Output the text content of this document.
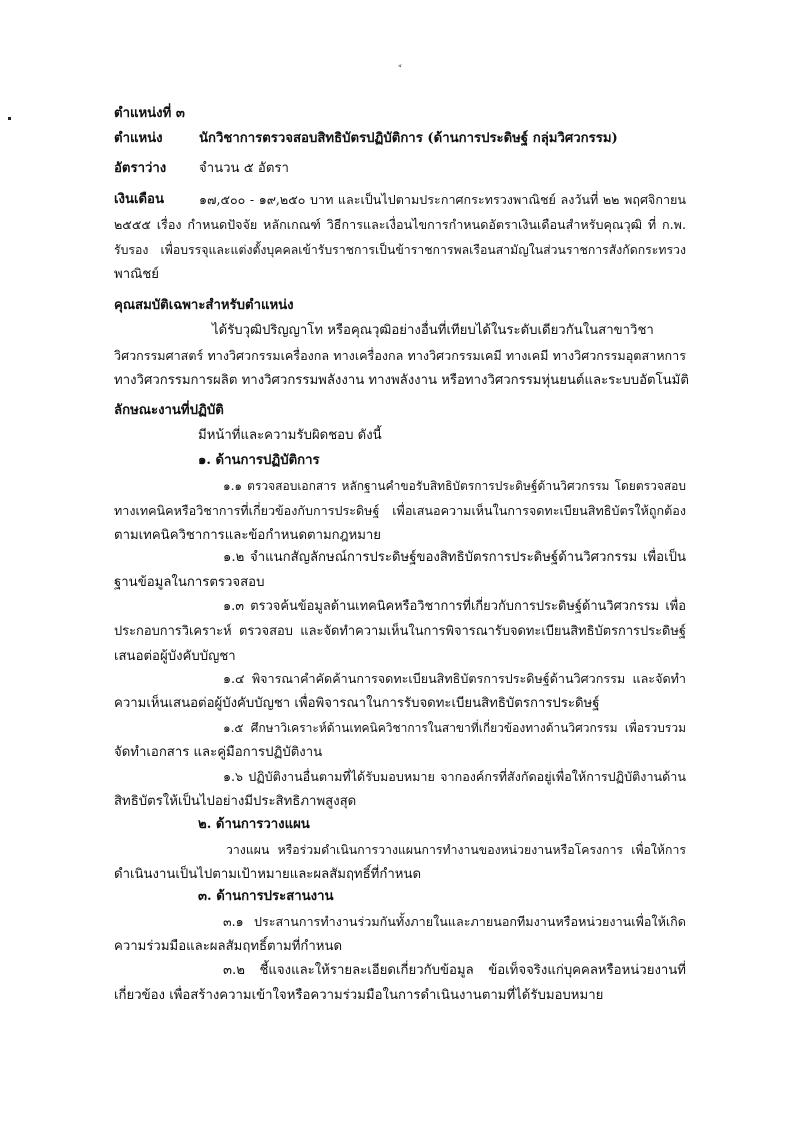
๕
ตำแหน่งที่ ๓
ตำแหน่ง	นักวิชาการตรวจสอบสิทธิบัตรปฏิบัติการ (ด้านการประดิษฐ์ กลุ่มวิศวกรรม)
อัตราว่าง จำนวน ๕ อัตรา
เงินเดือน	๑๗,๕๐๐ - ๑๙,๒๕๐ บาท และเป็นไปตามประกาศกระทรวงพาณิชย์ ลงวันที่ ๒๒ พฤศจิกายน
๒๕๕๕ เรื่อง กำหนดปัจจัย หลักเกณฑ์ วิธีการและเงื่อนไขการกำหนดอัตราเงินเดือนสำหรับคุณวุฒิ ที่ ก.พ.
รับรอง เพื่อบรรจุและแต่งตั้งบุคคลเข้ารับราชการเป็นข้าราชการพลเรือนสามัญในส่วนราชการสังกัดกระทรวง
พาณิชย์
คุณสมบัติเฉพาะสำหรับตำแหน่ง
ได้รับวุฒิปริญญาโท หรือคุณวุฒิอย่างอื่นที่เทียบได้ในระดับเดียวกันในสาขาวิชา
วิศวกรรมศาสตร์ ทางวิศวกรรมเครื่องกล ทางเครื่องกล ทางวิศวกรรมเคมี ทางเคมี ทางวิศวกรรมอุตสาหการ
ทางวิศวกรรมการผลิต ทางวิศวกรรมพลังงาน ทางพลังงาน หรือทางวิศวกรรมหุ่นยนต์และระบบอัตโนมัติ
ลักษณะงานที่ปฏิบัติ
มีหน้าที่และความรับผิดชอบ ดังนี้
๑. ด้านการปฏิบัติการ
๑.๑ ตรวจสอบเอกสาร หลักฐานคำขอรับสิทธิบัตรการประดิษฐ์ด้านวิศวกรรม โดยตรวจสอบ
ทางเทคนิคหรือวิชาการที่เกี่ยวข้องกับการประดิษฐ์ เพื่อเสนอความเห็นในการจดทะเบียนสิทธิบัตรให้ถูกต้อง
ตามเทคนิควิชาการและข้อกำหนดตามกฎหมาย
๑.๒ จำแนกสัญลักษณ์การประดิษฐ์ของสิทธิบัตรการประดิษฐ์ด้านวิศวกรรม เพื่อเป็น
ฐานข้อมูลในการตรวจสอบ
๑.๓ ตรวจค้นข้อมูลด้านเทคนิคหรือวิชาการที่เกี่ยวกับการประดิษฐ์ด้านวิศวกรรม เพื่อ
ประกอบการวิเคราะห์ ตรวจสอบ และจัดทำความเห็นในการพิจารณารับจดทะเบียนสิทธิบัตรการประดิษฐ์
เสนอต่อผู้บังคับบัญชา
๑.๔ พิจารณาคำคัดค้านการจดทะเบียนสิทธิบัตรการประดิษฐ์ด้านวิศวกรรม และจัดทำ
ความเห็นเสนอต่อผู้บังคับบัญชา เพื่อพิจารณาในการรับจดทะเบียนสิทธิบัตรการประดิษฐ์
๑.๕ ศึกษาวิเคราะห์ด้านเทคนิควิชาการในสาขาที่เกี่ยวข้องทางด้านวิศวกรรม เพื่อรวบรวม
จัดทำเอกสาร และคู่มือการปฏิบัติงาน
๑.๖ ปฏิบัติงานอื่นตามที่ได้รับมอบหมาย จากองค์กรที่สังกัดอยู่เพื่อให้การปฏิบัติงานด้าน
สิทธิบัตรให้เป็นไปอย่างมีประสิทธิภาพสูงสุด
๒. ด้านการวางแผน
วางแผน หรือร่วมดำเนินการวางแผนการทำงานของหน่วยงานหรือโครงการ เพื่อให้การ
ดำเนินงานเป็นไปตามเป้าหมายและผลสัมฤทธิ์ที่กำหนด
๓. ด้านการประสานงาน
๓.๑ ประสานการทำงานร่วมกันทั้งภายในและภายนอกทีมงานหรือหน่วยงานเพื่อให้เกิด
ความร่วมมือและผลสัมฤทธิ์ตามที่กำหนด
๓.๒ ชี้แจงและให้รายละเอียดเกี่ยวกับข้อมูล ข้อเท็จจริงแก่บุคคลหรือหน่วยงานที่
เกี่ยวข้อง เพื่อสร้างความเข้าใจหรือความร่วมมือในการดำเนินงานตามที่ได้รับมอบหมาย
